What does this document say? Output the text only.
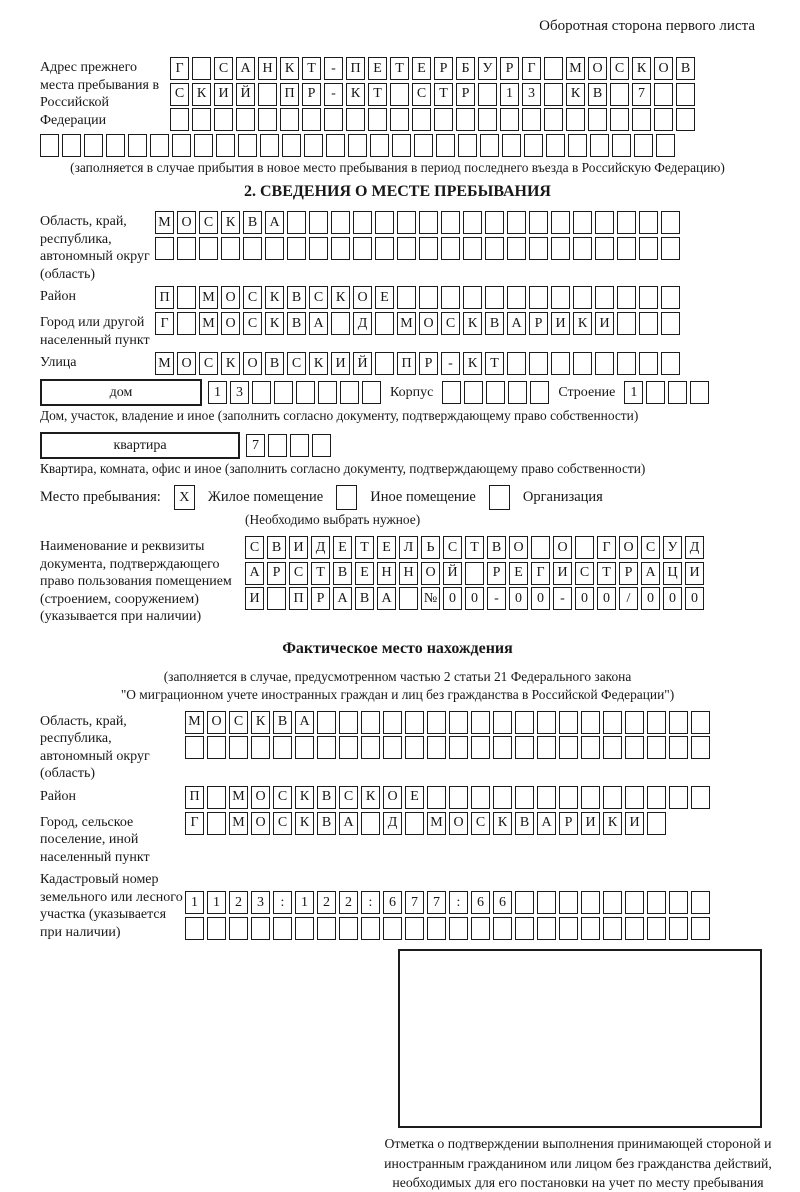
Оборотная сторона первого листа
Адрес прежнего места пребывания в Российской Федерации
Г	С А Н К Т	-	П Е Т Е Р	Б У Р	Г	М О С К О В
С К И Й	П Р	-	К Т	С Т Р	1	3	К В	7
(заполняется в случае прибытия в новое место пребывания в период последнего въезда в Российскую Федерацию)
2. СВЕДЕНИЯ О МЕСТЕ ПРЕБЫВАНИЯ
Область, край, республика, автономный округ (область)
М О С К В А
Район	П	М О С К В С К О Е
Город или другой населенный пункт
Г	М О С К В А	Д	М О С К В А Р И К И
Улица	М О С К О В С К И Й	П Р	-	К Т
дом	1	3	Корпус	Строение	1
Дом, участок, владение и иное (заполнить согласно документу, подтверждающему право собственности)
квартира	7
Квартира, комната, офис и иное (заполнить согласно документу, подтверждающему право собственности)
Место пребывания:	X	Жилое помещение	Иное помещение	Организация
(Необходимо выбрать нужное)
Наименование и реквизиты документа, подтверждающего право пользования помещением (строением, сооружением) (указывается при наличии)
С В И Д Е Т Е Л Ь С Т В О	О	Г О С У Д
А Р С Т В Е Н Н О Й	Р Е Г И С Т Р А Ц И
И	П Р А В А	№ 0	0	-	0	0	-	0	0	/	0	0	0
Фактическое место нахождения
(заполняется в случае, предусмотренном частью 2 статьи 21 Федерального закона
"О миграционном учете иностранных граждан и лиц без гражданства в Российской Федерации")
Область, край, республика, автономный округ (область)
М О С К В А
Район	П	М О С К В С К О Е
Город, сельское поселение, иной населенный пункт
Г	М О С К В А	Д	М О С К В А Р И К И
Кадастровый номер земельного или лесного участка (указывается при наличии)
1	1	2	3	:	1	2	2	:	6	7	7	:	6	6
Отметка о подтверждении выполнения принимающей стороной и иностранным гражданином или лицом без гражданства действий, необходимых для его постановки на учет по месту пребывания
